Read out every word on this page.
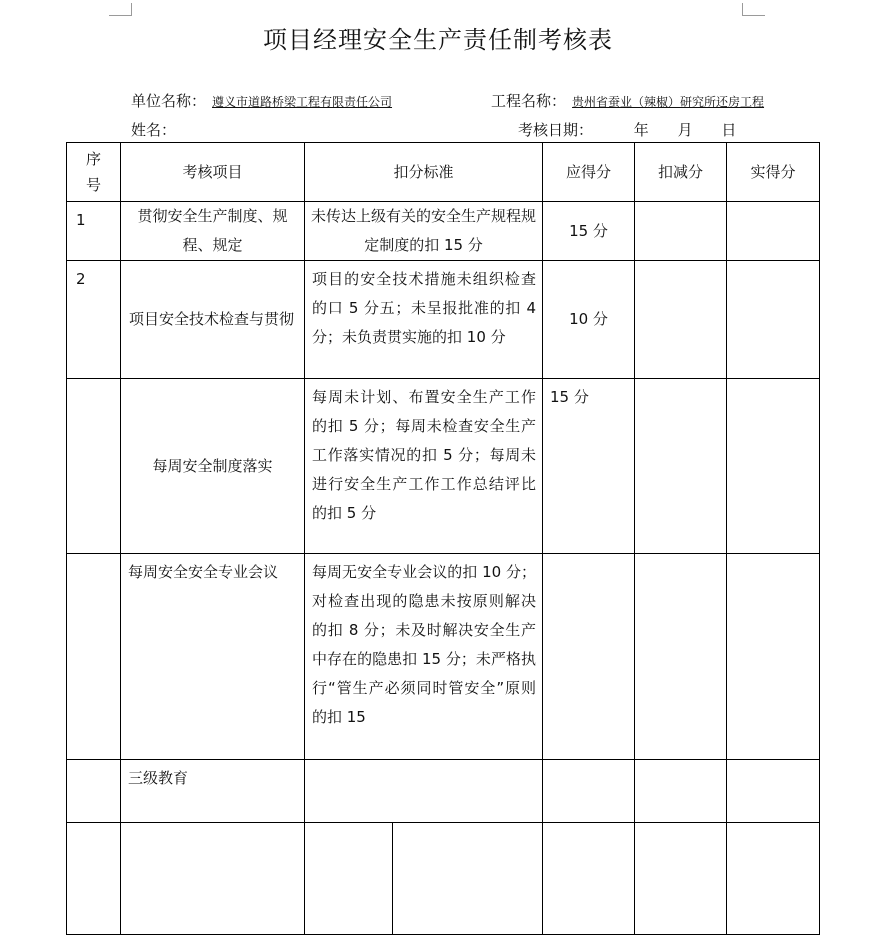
项目经理安全生产责任制考核表
单位名称： 遵义市道路桥梁工程有限责任公司	工程名称： 贵州省蚕业（辣椒）研究所还房工程
姓名：	考核日期：	年 月 日
序号	考核项目	扣分标准		应得分	扣减分	实得分
1	贯彻安全生产制度、规程、规定	未传达上级有关的安全生产规程规定制度的扣 15 分		15 分		
2	项目安全技术检查与贯彻	项目的安全技术措施未组织检查的口 5 分五；未呈报批准的扣 4 分；未负责贯实施的扣 10 分		10 分		
	每周安全制度落实	每周未计划、布置安全生产工作的扣 5 分；每周未检查安全生产工作落实情况的扣 5 分；每周未进行安全生产工作工作总结评比的扣 5 分		15 分		
	每周安全安全专业会议	每周无安全专业会议的扣 10 分；对检查出现的隐患未按原则解决的扣 8 分；未及时解决安全生产中存在的隐患扣 15 分；未严格执行“管生产必须同时管安全”原则的扣 15				
	三级教育					
